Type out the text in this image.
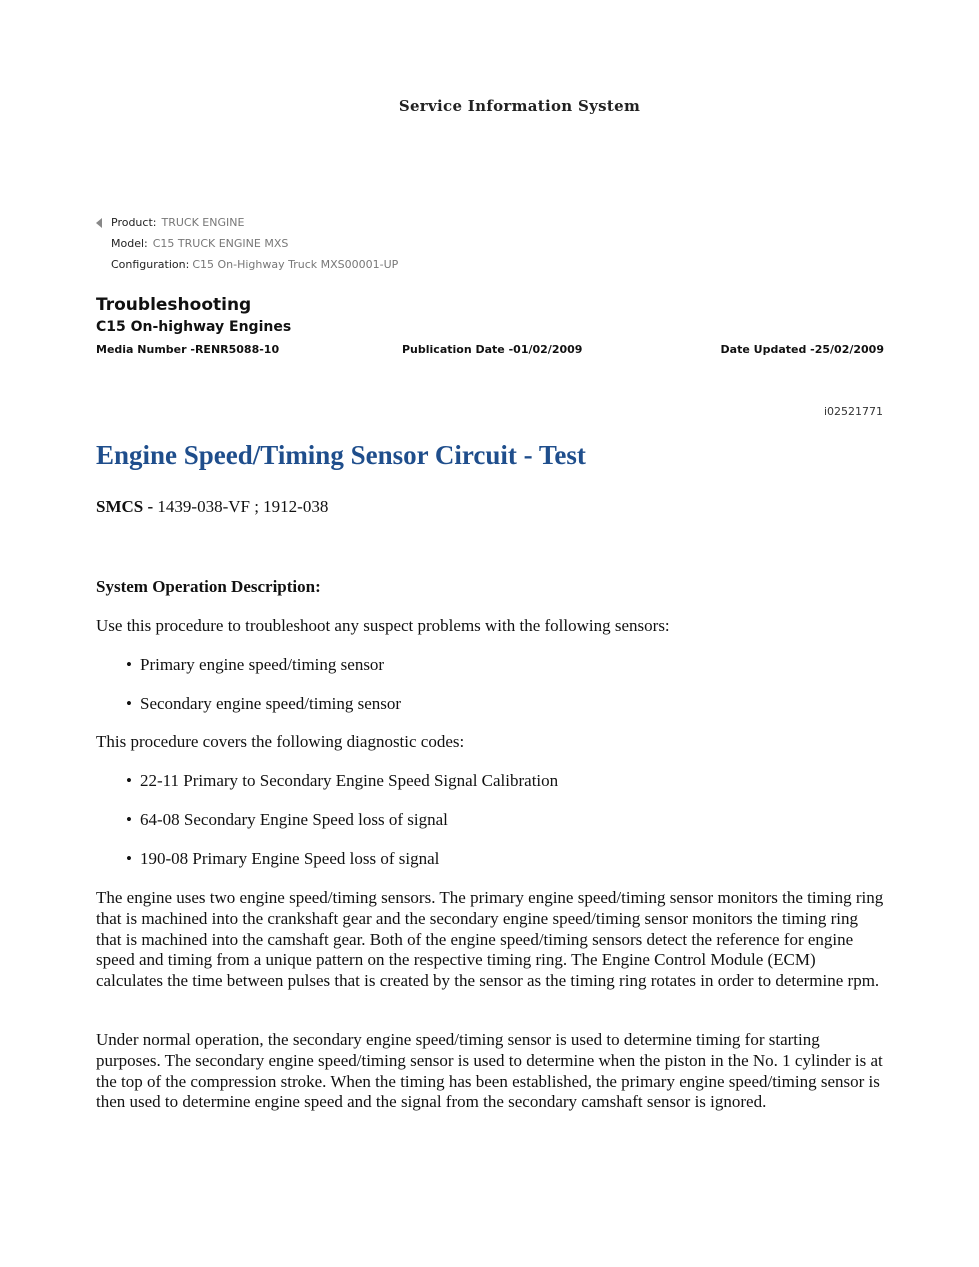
Service Information System
Product: TRUCK ENGINE
Model: C15 TRUCK ENGINE MXS
Configuration: C15 On-Highway Truck MXS00001-UP
Troubleshooting
C15 On-highway Engines
Media Number -RENR5088-10	Publication Date -01/02/2009	Date Updated -25/02/2009
i02521771
Engine Speed/Timing Sensor Circuit - Test
SMCS - 1439-038-VF ; 1912-038
System Operation Description:

Use this procedure to troubleshoot any suspect problems with the following sensors:

• Primary engine speed/timing sensor
• Secondary engine speed/timing sensor

This procedure covers the following diagnostic codes:

• 22-11 Primary to Secondary Engine Speed Signal Calibration
• 64-08 Secondary Engine Speed loss of signal
• 190-08 Primary Engine Speed loss of signal

The engine uses two engine speed/timing sensors. The primary engine speed/timing sensor monitors the timing ring that is machined into the crankshaft gear and the secondary engine speed/timing sensor monitors the timing ring that is machined into the camshaft gear. Both of the engine speed/timing sensors detect the reference for engine speed and timing from a unique pattern on the respective timing ring. The Engine Control Module (ECM) calculates the time between pulses that is created by the sensor as the timing ring rotates in order to determine rpm.

Under normal operation, the secondary engine speed/timing sensor is used to determine timing for starting purposes. The secondary engine speed/timing sensor is used to determine when the piston in the No. 1 cylinder is at the top of the compression stroke. When the timing has been established, the primary engine speed/timing sensor is then used to determine engine speed and the signal from the secondary camshaft sensor is ignored.
